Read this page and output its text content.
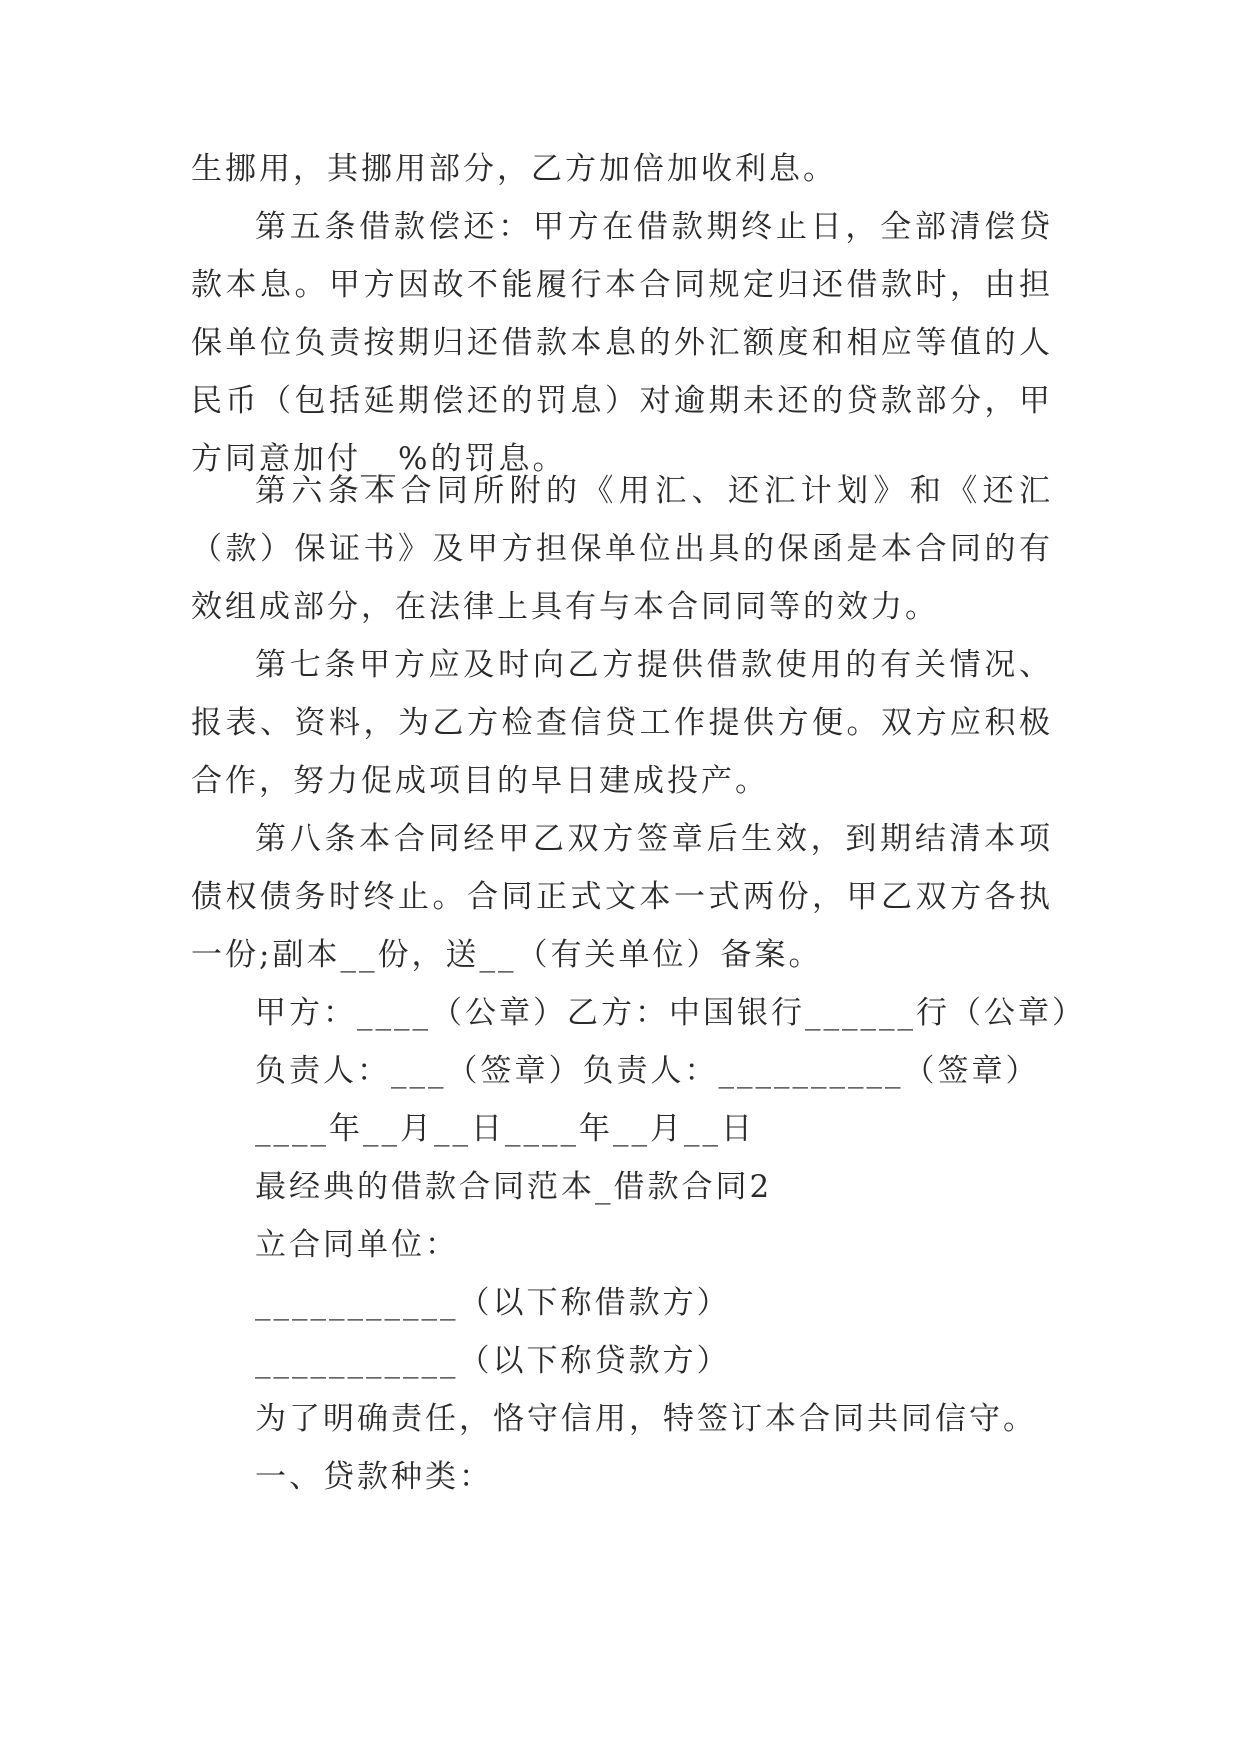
生挪用，其挪用部分，乙方加倍加收利息。

第五条借款偿还：甲方在借款期终止日，全部清偿贷款本息。甲方因故不能履行本合同规定归还借款时，由担保单位负责按期归还借款本息的外汇额度和相应等值的人民币（包括延期偿还的罚息）对逾期未还的贷款部分，甲方同意加付__%的罚息。

第六条本合同所附的《用汇、还汇计划》和《还汇（款）保证书》及甲方担保单位出具的保函是本合同的有效组成部分，在法律上具有与本合同同等的效力。

第七条甲方应及时向乙方提供借款使用的有关情况、报表、资料，为乙方检查信贷工作提供方便。双方应积极合作，努力促成项目的早日建成投产。

第八条本合同经甲乙双方签章后生效，到期结清本项债权债务时终止。合同正式文本一式两份，甲乙双方各执一份;副本__份，送__（有关单位）备案。

甲方：____（公章）乙方：中国银行______行（公章）

负责人：___（签章）负责人：__________（签章）

____年__月__日____年__月__日

最经典的借款合同范本_借款合同2

立合同单位：

___________（以下称借款方）

___________（以下称贷款方）

为了明确责任，恪守信用，特签订本合同共同信守。

一、贷款种类：
